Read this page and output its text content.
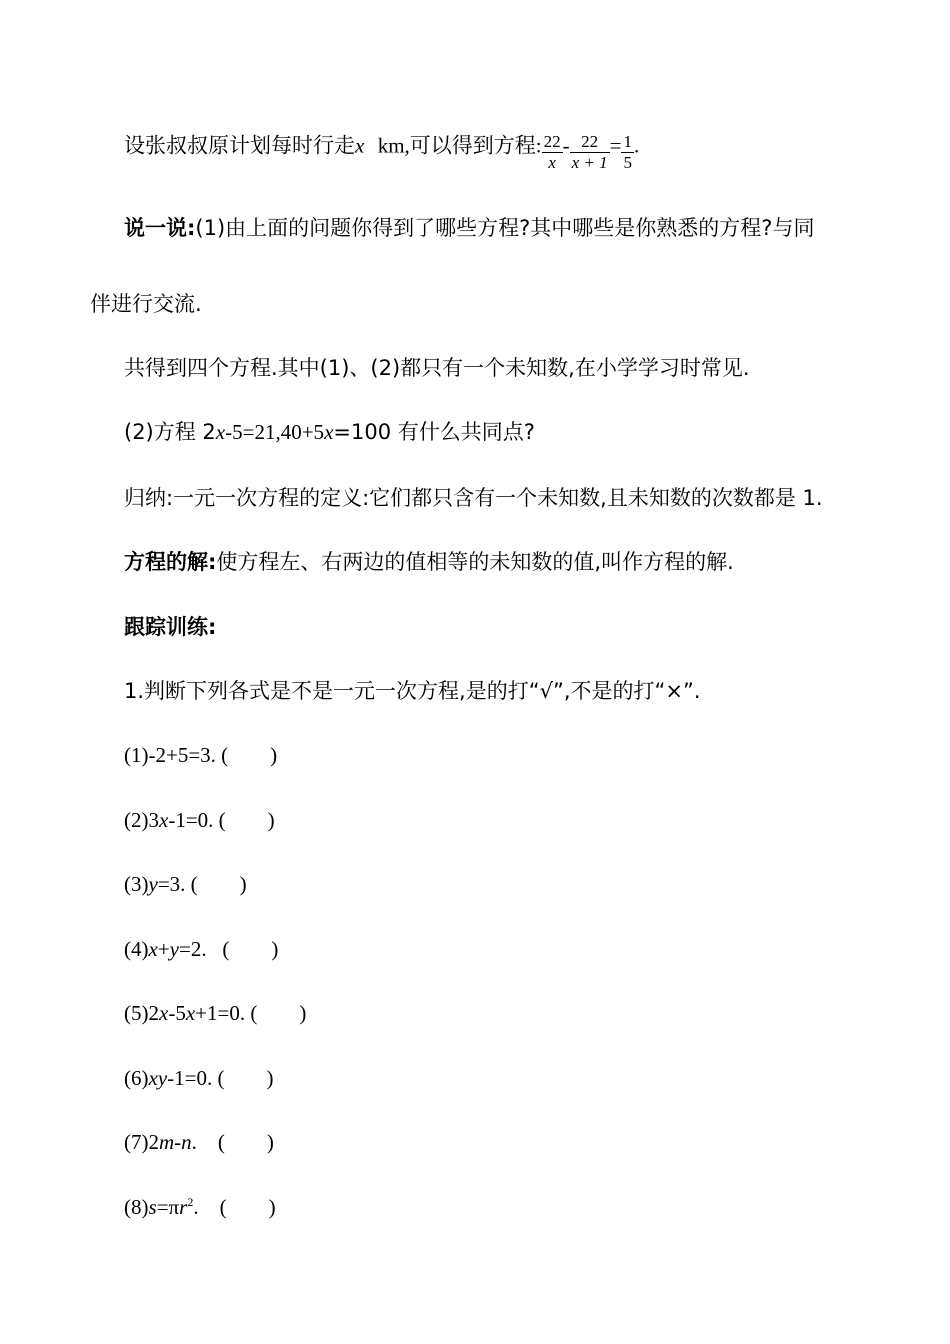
设张叔叔原计划每时行走x km,可以得到方程: $\frac{22}{x} - \frac{22}{x + 1} = \frac{1}{5}$ .
说一说:(1)由上面的问题你得到了哪些方程?其中哪些是你熟悉的方程?与同
伴进行交流.
共得到四个方程.其中(1)、(2)都只有一个未知数,在小学学习时常见.
(2)方程 2x-5=21,40+5x=100 有什么共同点?
归纳:一元一次方程的定义:它们都只含有一个未知数,且未知数的次数都是 1.
方程的解:使方程左、右两边的值相等的未知数的值,叫作方程的解.
跟踪训练:
1.判断下列各式是不是一元一次方程,是的打“√”,不是的打“×”.
(1)-2+5=3. ( )
(2)3x-1=0. ( )
(3)y=3. ( )
(4)x+y=2.   ( )
(5)2x-5x+1=0. ( )
(6)xy-1=0. ( )
(7)2m-n.    ( )
$(8)s=\pi r^2$.    ( )
